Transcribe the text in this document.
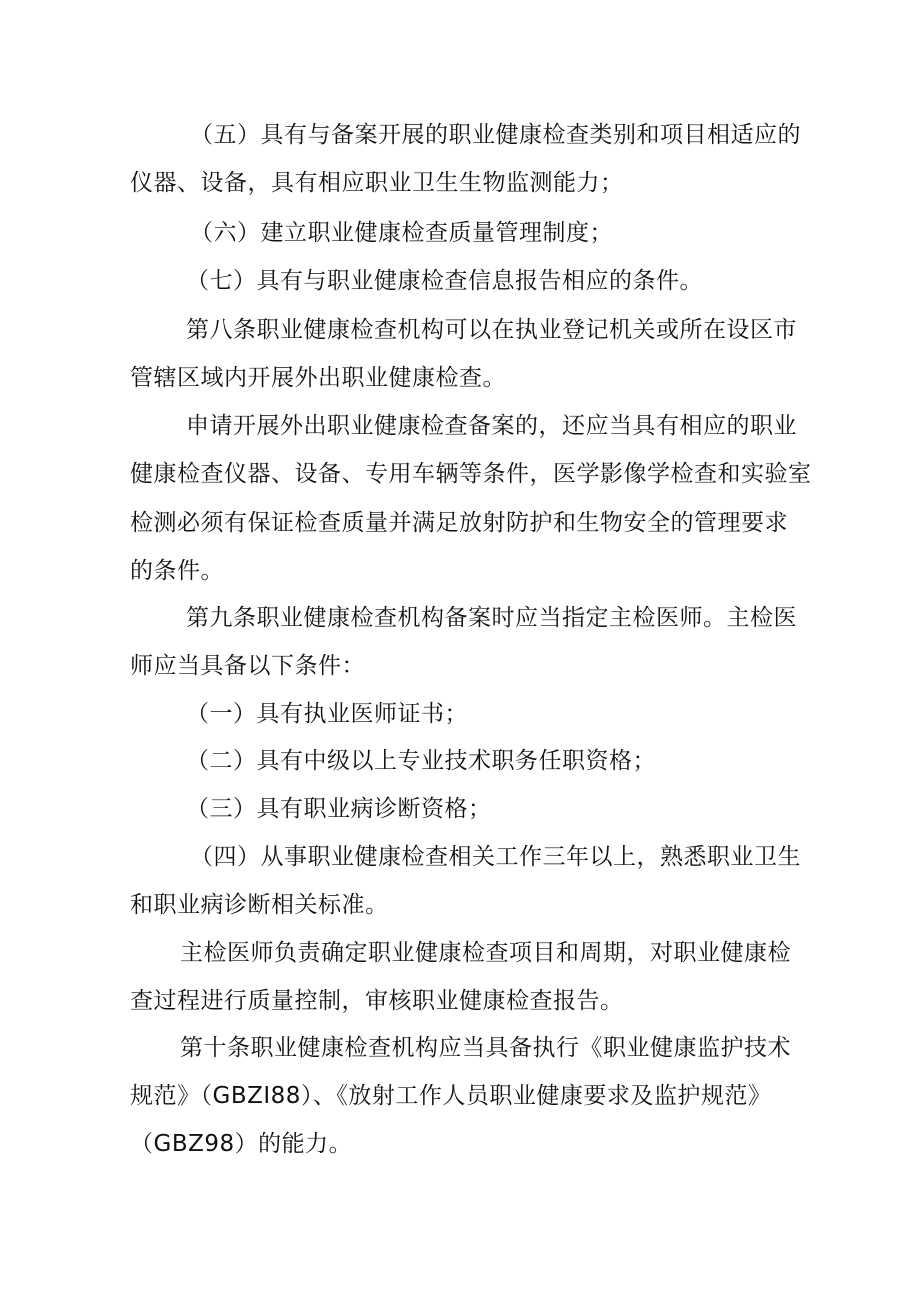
（五）具有与备案开展的职业健康检查类别和项目相适应的
仪器、设备，具有相应职业卫生生物监测能力；
（六）建立职业健康检查质量管理制度；
（七）具有与职业健康检查信息报告相应的条件。
第八条职业健康检查机构可以在执业登记机关或所在设区市
管辖区域内开展外出职业健康检查。
申请开展外出职业健康检查备案的，还应当具有相应的职业
健康检查仪器、设备、专用车辆等条件，医学影像学检查和实验室
检测必须有保证检查质量并满足放射防护和生物安全的管理要求
的条件。
第九条职业健康检查机构备案时应当指定主检医师。主检医
师应当具备以下条件：
（一）具有执业医师证书；
（二）具有中级以上专业技术职务任职资格；
（三）具有职业病诊断资格；
（四）从事职业健康检查相关工作三年以上，熟悉职业卫生
和职业病诊断相关标准。
主检医师负责确定职业健康检查项目和周期，对职业健康检
查过程进行质量控制，审核职业健康检查报告。
第十条职业健康检查机构应当具备执行《职业健康监护技术
规范》（GBZI88）、《放射工作人员职业健康要求及监护规范》
（GBZ98）的能力。
